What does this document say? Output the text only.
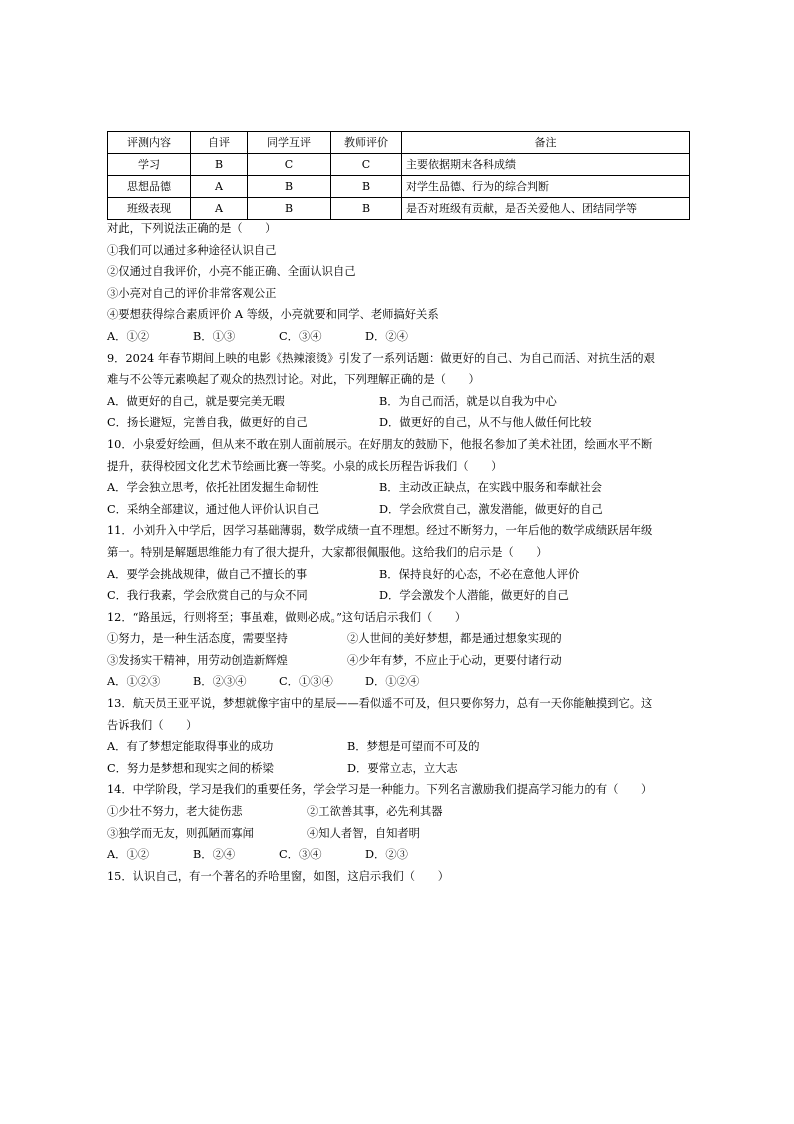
评测内容	自评	同学互评	教师评价	备注
学习	B	C	C	主要依据期末各科成绩
思想品德	A	B	B	对学生品德、行为的综合判断
班级表现	A	B	B	是否对班级有贡献，是否关爱他人、团结同学等
对此，下列说法正确的是（　　）
①我们可以通过多种途径认识自己
②仅通过自我评价，小亮不能正确、全面认识自己
③小亮对自己的评价非常客观公正
④要想获得综合素质评价 A 等级，小亮就要和同学、老师搞好关系
A．①②	B．①③	C．③④	D．②④
9．2024 年春节期间上映的电影《热辣滚烫》引发了一系列话题：做更好的自己、为自己而活、对抗生活的艰
难与不公等元素唤起了观众的热烈讨论。对此，下列理解正确的是（　　）
A．做更好的自己，就是要完美无暇	B．为自己而活，就是以自我为中心
C．扬长避短，完善自我，做更好的自己	D．做更好的自己，从不与他人做任何比较
10．小泉爱好绘画，但从来不敢在别人面前展示。在好朋友的鼓励下，他报名参加了美术社团，绘画水平不断
提升，获得校园文化艺术节绘画比赛一等奖。小泉的成长历程告诉我们（　　）
A．学会独立思考，依托社团发掘生命韧性	B．主动改正缺点，在实践中服务和奉献社会
C．采纳全部建议，通过他人评价认识自己	D．学会欣赏自己，激发潜能，做更好的自己
11．小刘升入中学后，因学习基础薄弱，数学成绩一直不理想。经过不断努力，一年后他的数学成绩跃居年级
第一。特别是解题思维能力有了很大提升，大家都很佩服他。这给我们的启示是（　　）
A．要学会挑战规律，做自己不擅长的事	B．保持良好的心态，不必在意他人评价
C．我行我素，学会欣赏自己的与众不同	D．学会激发个人潜能，做更好的自己
12．“路虽远，行则将至；事虽难，做则必成。”这句话启示我们（　　）
①努力，是一种生活态度，需要坚持	②人世间的美好梦想，都是通过想象实现的
③发扬实干精神，用劳动创造新辉煌	④少年有梦，不应止于心动，更要付诸行动
A．①②③	B．②③④	C．①③④	D．①②④
13．航天员王亚平说，梦想就像宇宙中的星辰——看似遥不可及，但只要你努力，总有一天你能触摸到它。这
告诉我们（　　）
A．有了梦想定能取得事业的成功	B．梦想是可望而不可及的
C．努力是梦想和现实之间的桥梁	D．要常立志，立大志
14．中学阶段，学习是我们的重要任务，学会学习是一种能力。下列名言激励我们提高学习能力的有（　　）
①少壮不努力，老大徒伤悲	②工欲善其事，必先利其器
③独学而无友，则孤陋而寡闻	④知人者智，自知者明
A．①②	B．②④	C．③④	D．②③
15．认识自己，有一个著名的乔哈里窗，如图，这启示我们（　　）
